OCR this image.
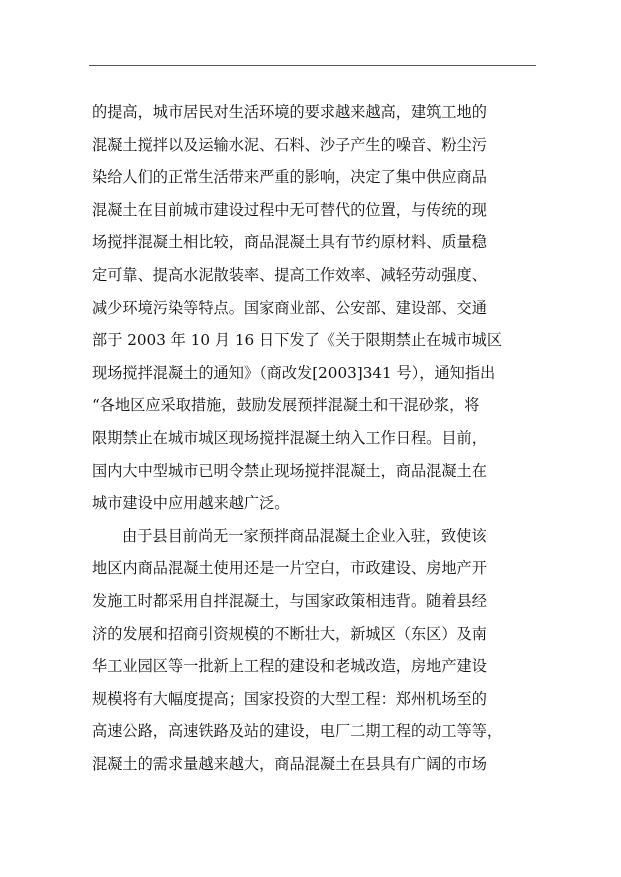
的提高，城市居民对生活环境的要求越来越高，建筑工地的
混凝土搅拌以及运输水泥、石料、沙子产生的噪音、粉尘污
染给人们的正常生活带来严重的影响，决定了集中供应商品
混凝土在目前城市建设过程中无可替代的位置，与传统的现
场搅拌混凝土相比较，商品混凝土具有节约原材料、质量稳
定可靠、提高水泥散装率、提高工作效率、减轻劳动强度、
减少环境污染等特点。国家商业部、公安部、建设部、交通
部于 2003 年 10 月 16 日下发了《关于限期禁止在城市城区
现场搅拌混凝土的通知》（商改发[2003]341 号），通知指出
“各地区应采取措施，鼓励发展预拌混凝土和干混砂浆，将
限期禁止在城市城区现场搅拌混凝土纳入工作日程。目前，
国内大中型城市已明令禁止现场搅拌混凝土，商品混凝土在
城市建设中应用越来越广泛。
由于县目前尚无一家预拌商品混凝土企业入驻，致使该
地区内商品混凝土使用还是一片空白，市政建设、房地产开
发施工时都采用自拌混凝土，与国家政策相违背。随着县经
济的发展和招商引资规模的不断壮大，新城区（东区）及南
华工业园区等一批新上工程的建设和老城改造，房地产建设
规模将有大幅度提高；国家投资的大型工程：郑州机场至的
高速公路，高速铁路及站的建设，电厂二期工程的动工等等，
混凝土的需求量越来越大，商品混凝土在县具有广阔的市场
